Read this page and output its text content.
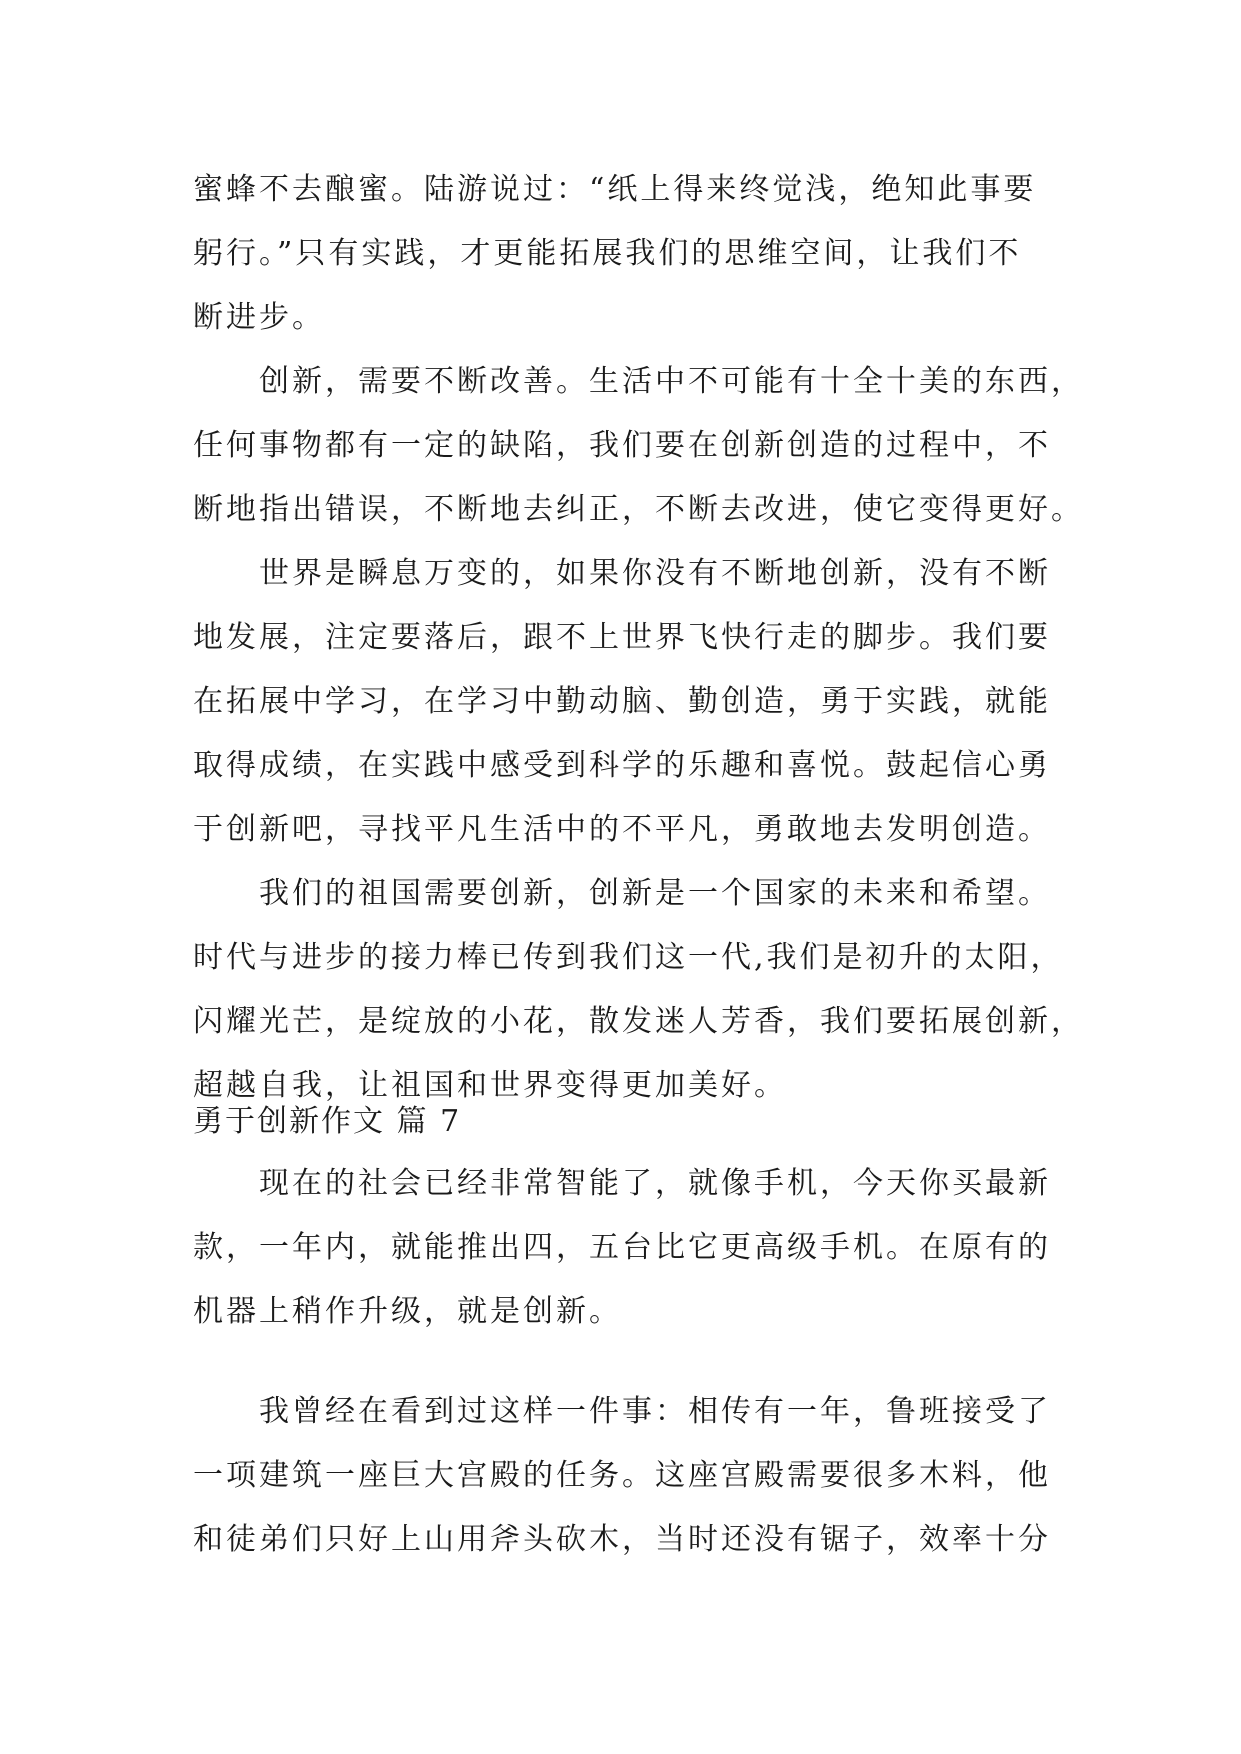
蜜蜂不去酿蜜。陆游说过：“纸上得来终觉浅，绝知此事要
躬行。”只有实践，才更能拓展我们的思维空间，让我们不
断进步。
　　创新，需要不断改善。生活中不可能有十全十美的东西，
任何事物都有一定的缺陷，我们要在创新创造的过程中，不
断地指出错误，不断地去纠正，不断去改进，使它变得更好。
　　世界是瞬息万变的，如果你没有不断地创新，没有不断
地发展，注定要落后，跟不上世界飞快行走的脚步。我们要
在拓展中学习，在学习中勤动脑、勤创造，勇于实践，就能
取得成绩，在实践中感受到科学的乐趣和喜悦。鼓起信心勇
于创新吧，寻找平凡生活中的不平凡，勇敢地去发明创造。
　　我们的祖国需要创新，创新是一个国家的未来和希望。
时代与进步的接力棒已传到我们这一代,我们是初升的太阳，
闪耀光芒，是绽放的小花，散发迷人芳香，我们要拓展创新，
超越自我，让祖国和世界变得更加美好。
勇于创新作文 篇 7
　　现在的社会已经非常智能了，就像手机，今天你买最新
款，一年内，就能推出四，五台比它更高级手机。在原有的
机器上稍作升级，就是创新。
　　我曾经在看到过这样一件事：相传有一年，鲁班接受了
一项建筑一座巨大宫殿的任务。这座宫殿需要很多木料，他
和徒弟们只好上山用斧头砍木，当时还没有锯子，效率十分
